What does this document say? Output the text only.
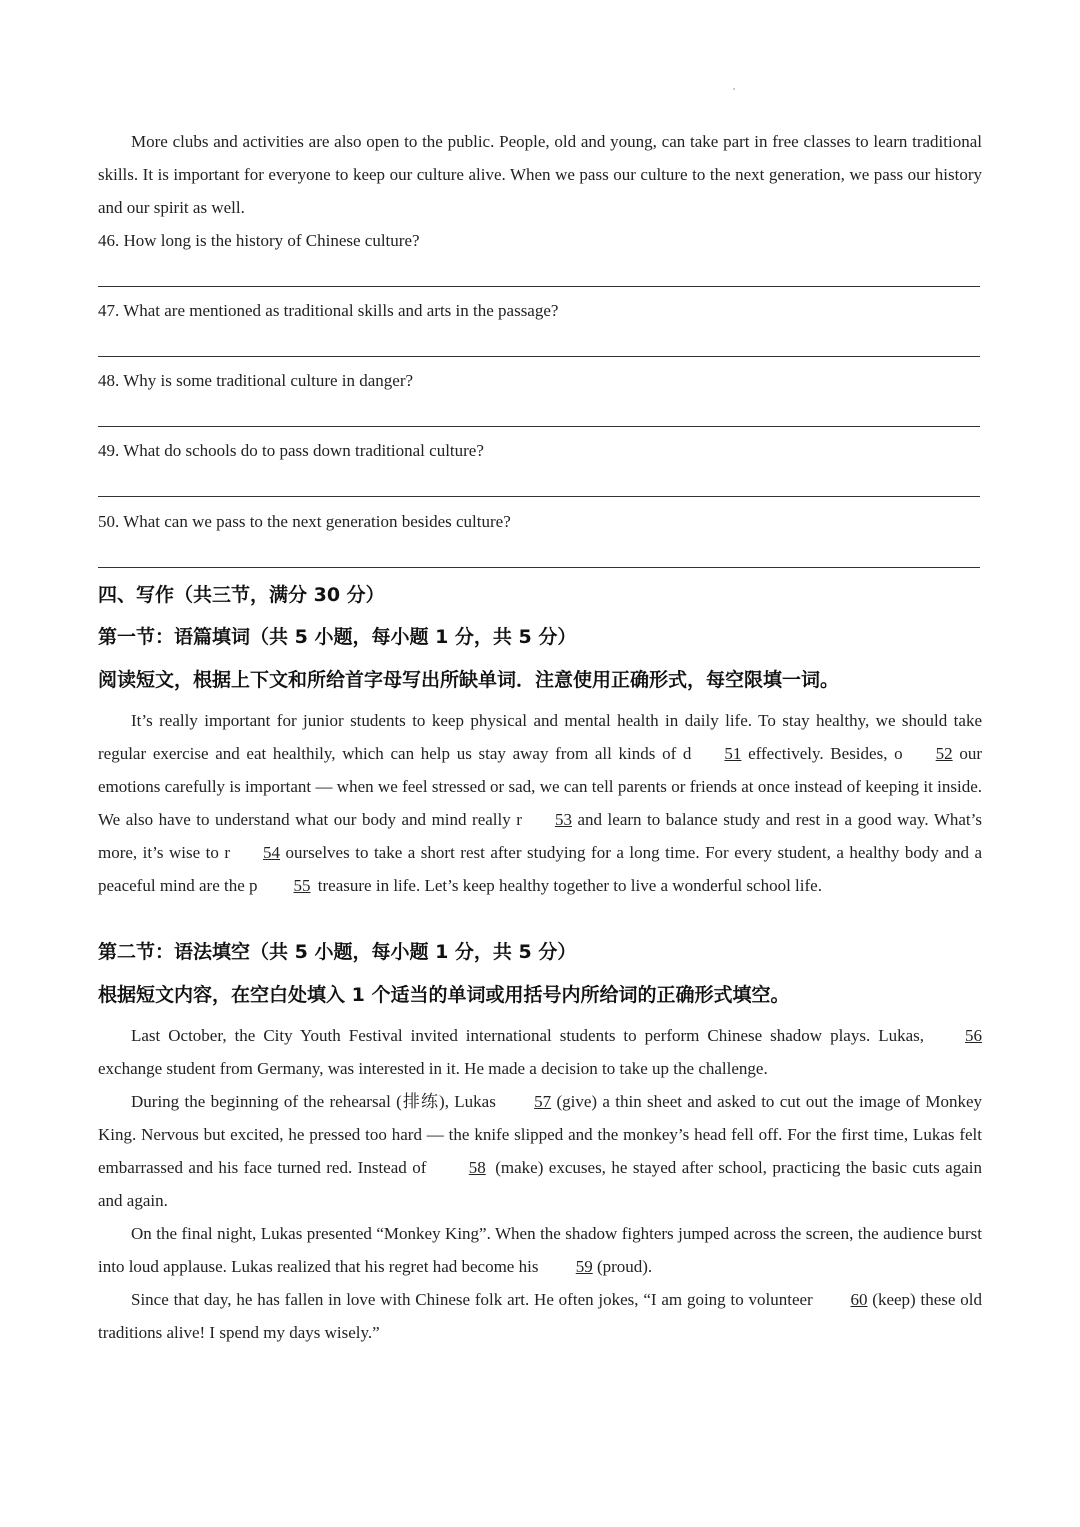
More clubs and activities are also open to the public. People, old and young, can take part in free classes to learn traditional skills. It is important for everyone to keep our culture alive. When we pass our culture to the next generation, we pass our history and our spirit as well.

46. How long is the history of Chinese culture?
47. What are mentioned as traditional skills and arts in the passage?
48. Why is some traditional culture in danger?
49. What do schools do to pass down traditional culture?
50. What can we pass to the next generation besides culture?
四、写作（共三节，满分 30 分）
第一节：语篇填词（共 5 小题，每小题 1 分，共 5 分）
阅读短文，根据上下文和所给首字母写出所缺单词．注意使用正确形式，每空限填一词。

It’s really important for junior students to keep physical and mental health in daily life. To stay healthy, we should take regular exercise and eat healthily, which can help us stay away from all kinds of d 51 effectively. Besides, o 52 our emotions carefully is important — when we feel stressed or sad, we can tell parents or friends at once instead of keeping it inside. We also have to understand what our body and mind really r 53 and learn to balance study and rest in a good way. What’s more, it’s wise to r 54 ourselves to take a short rest after studying for a long time. For every student, a healthy body and a peaceful mind are the p 55 treasure in life. Let’s keep healthy together to live a wonderful school life.

第二节：语法填空（共 5 小题，每小题 1 分，共 5 分）
根据短文内容，在空白处填入 1 个适当的单词或用括号内所给词的正确形式填空。

Last October, the City Youth Festival invited international students to perform Chinese shadow plays. Lukas, 56 exchange student from Germany, was interested in it. He made a decision to take up the challenge.

During the beginning of the rehearsal (排练), Lukas 57 (give) a thin sheet and asked to cut out the image of Monkey King. Nervous but excited, he pressed too hard — the knife slipped and the monkey’s head fell off. For the first time, Lukas felt embarrassed and his face turned red. Instead of 58 (make) excuses, he stayed after school, practicing the basic cuts again and again.

On the final night, Lukas presented “Monkey King”. When the shadow fighters jumped across the screen, the audience burst into loud applause. Lukas realized that his regret had become his 59 (proud).

Since that day, he has fallen in love with Chinese folk art. He often jokes, “I am going to volunteer 60 (keep) these old traditions alive! I spend my days wisely.”
